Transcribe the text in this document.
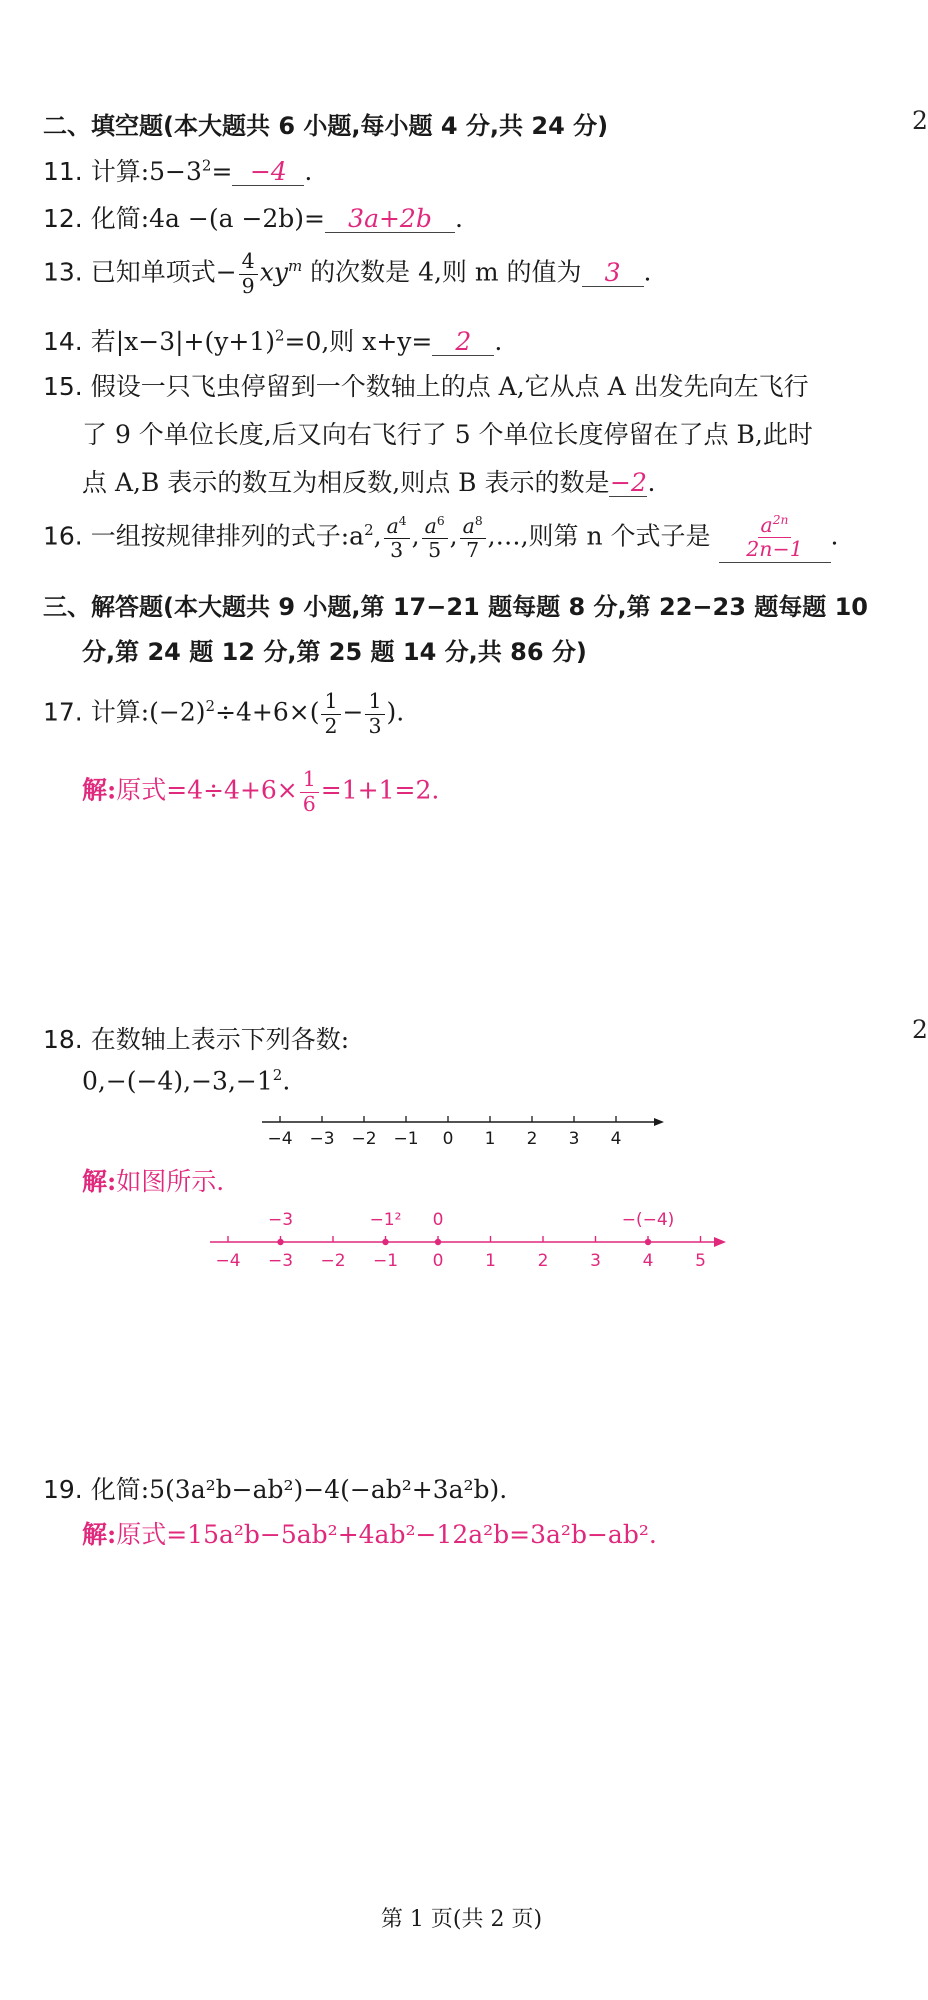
二、填空题(本大题共 6 小题,每小题 4 分,共 24 分)
11. 计算$:5-3^2= -4$ .
12. 化简:4a −(a −2b)= 3a+2b .
13. 已知单项式− $\frac{4}{9} xy^m$ 的次数是 4,则 m 的值为 3 .
14. 若$|x-3|+(y+1)^2=0$,则 x+y= 2 .
15. 假设一只飞虫停留到一个数轴上的点 A,它从点 A 出发先向左飞行
了 9 个单位长度,后又向右飞行了 5 个单位长度停留在了点 B,此时
点 A,B 表示的数互为相反数,则点 B 表示的数是−2.
16. 一组按规律排列的式子$:a^2$, $\frac{a^4}{3}$ , $\frac{a^6}{5}$ , $\frac{a^8}{7}$ ,…,则第 n 个式子是 $\frac{a^{2n}}{2n-1}$ .
三、解答题(本大题共 9 小题,第 17−21 题每题 8 分,第 22−23 题每题 10
分,第 24 题 12 分,第 25 题 14 分,共 86 分)
17. 计算$:(-2)^2\div 4+6\times( \frac{1}{2} - \frac{1}{3}$ ).
解:原式$=4\div 4+6\times \frac{1}{6} =1+1=2$.
18. 在数轴上表示下列各数:
$0,-(-4),-3,-1^2$.
−4 −3 −2 −1 0 1 2 3 4
解:如图所示.
−4 −3 −2 −1 0 1 2 3 4 5
−3	−1² 0	−(−4)
19. 化简:5(3a²b−ab²)−4(−ab²+3a²b).
解:原式=15a²b−5ab²+4ab²−12a²b=3a²b−ab².
2
2
第 1 页(共 2 页)
